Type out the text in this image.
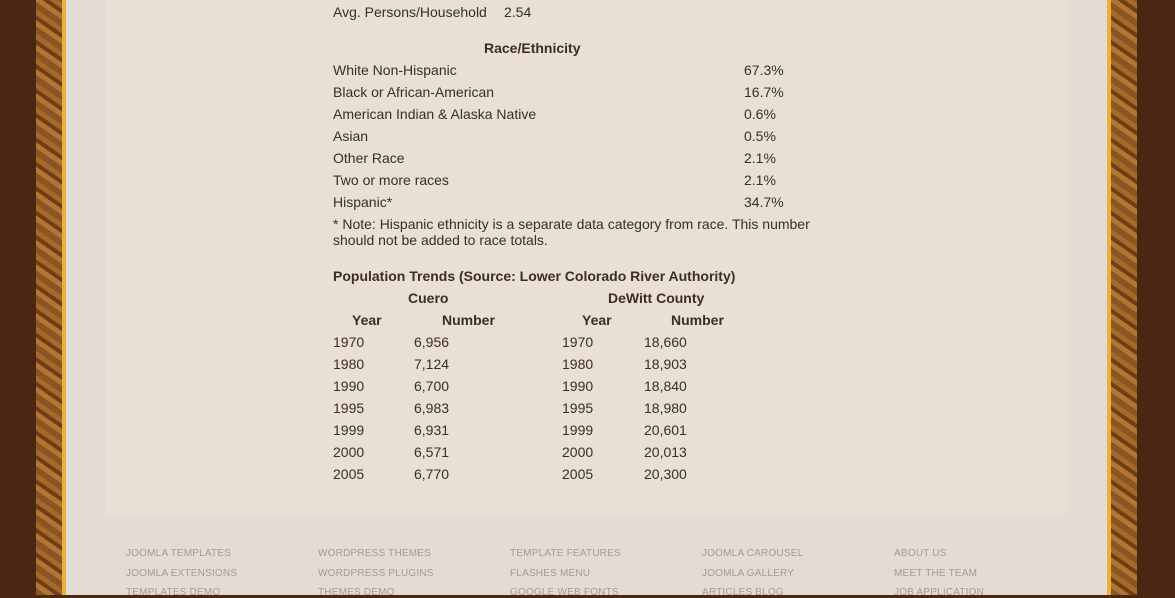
Avg. Persons/Household 2.54
Race/Ethnicity
White Non-Hispanic	67.3%
Black or African-American	16.7%
American Indian & Alaska Native	0.6%
Asian	0.5%
Other Race	2.1%
Two or more races	2.1%
Hispanic*	34.7%
* Note: Hispanic ethnicity is a separate data category from race. This number should not be added to race totals.
Population Trends (Source: Lower Colorado River Authority)
Cuero	DeWitt County
Year	Number	Year	Number
1970	6,956	1970	18,660
1980	7,124	1980	18,903
1990	6,700	1990	18,840
1995	6,983	1995	18,980
1999	6,931	1999	20,601
2000	6,571	2000	20,013
2005	6,770	2005	20,300
JOOMLA TEMPLATES
JOOMLA EXTENSIONS
TEMPLATES DEMO
WORDPRESS THEMES
WORDPRESS PLUGINS
THEMES DEMO
TEMPLATE FEATURES
FLASHES MENU
GOOGLE WEB FONTS
JOOMLA CAROUSEL
JOOMLA GALLERY
ARTICLES BLOG
ABOUT US
MEET THE TEAM
JOB APPLICATION
